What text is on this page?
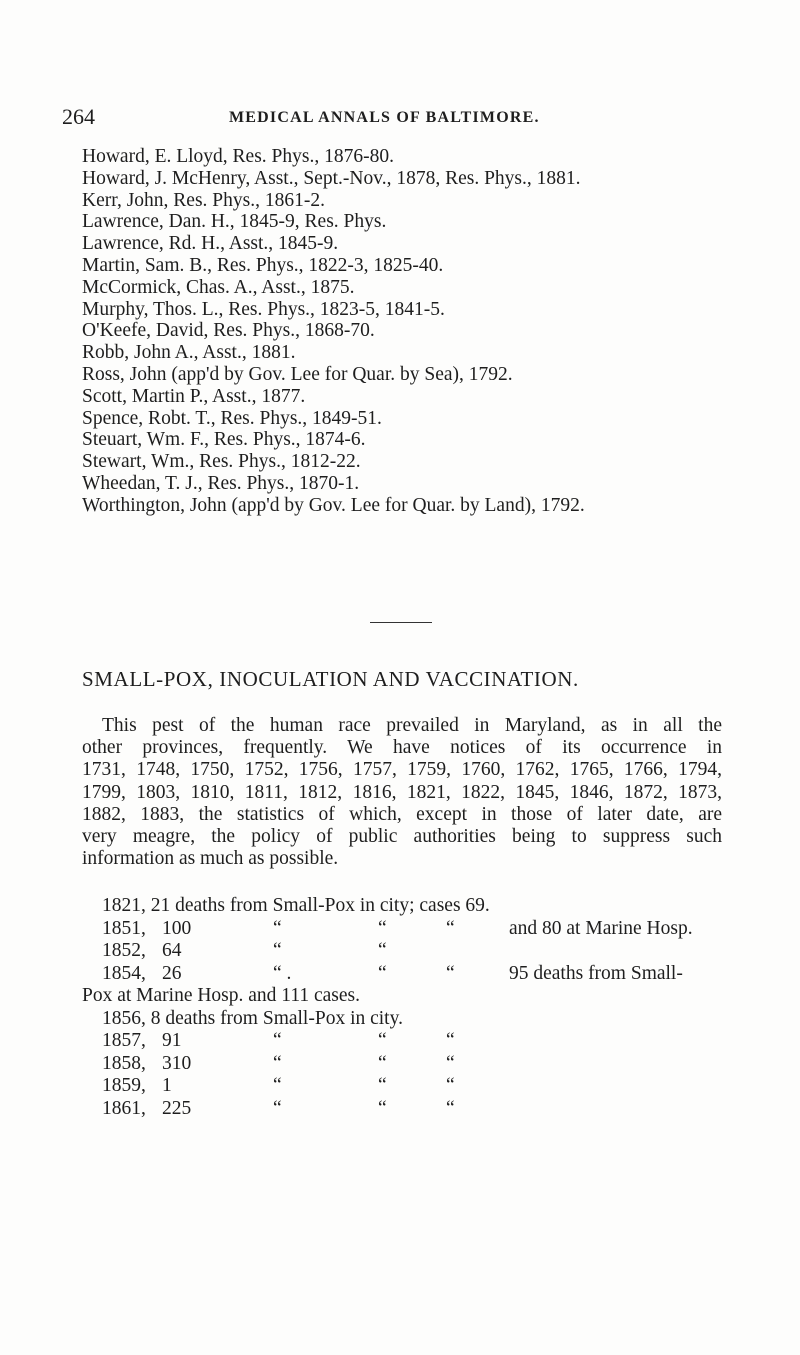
264	MEDICAL ANNALS OF BALTIMORE.
Howard, E. Lloyd, Res. Phys., 1876-80.
Howard, J. McHenry, Asst., Sept.-Nov., 1878, Res. Phys., 1881.
Kerr, John, Res. Phys., 1861-2.
Lawrence, Dan. H., 1845-9, Res. Phys.
Lawrence, Rd. H., Asst., 1845-9.
Martin, Sam. B., Res. Phys., 1822-3, 1825-40.
McCormick, Chas. A., Asst., 1875.
Murphy, Thos. L., Res. Phys., 1823-5, 1841-5.
O'Keefe, David, Res. Phys., 1868-70.
Robb, John A., Asst., 1881.
Ross, John (app'd by Gov. Lee for Quar. by Sea), 1792.
Scott, Martin P., Asst., 1877.
Spence, Robt. T., Res. Phys., 1849-51.
Steuart, Wm. F., Res. Phys., 1874-6.
Stewart, Wm., Res. Phys., 1812-22.
Wheedan, T. J., Res. Phys., 1870-1.
Worthington, John (app'd by Gov. Lee for Quar. by Land), 1792.
SMALL-POX, INOCULATION AND VACCINATION.
This pest of the human race prevailed in Maryland, as in all the
other provinces, frequently. We have notices of its occurrence in
1731, 1748, 1750, 1752, 1756, 1757, 1759, 1760, 1762, 1765, 1766, 1794,
1799, 1803, 1810, 1811, 1812, 1816, 1821, 1822, 1845, 1846, 1872, 1873,
1882, 1883, the statistics of which, except in those of later date, are
very meagre, the policy of public authorities being to suppress such
information as much as possible.
1821, 21 deaths from Small-Pox in city; cases 69.
1851, 100	“	“	“	and 80 at Marine Hosp.
1852, 64	“	“
1854, 26	“ .	“	“	95 deaths from Small-
Pox at Marine Hosp. and 111 cases.
1856, 8 deaths from Small-Pox in city.
1857, 91	“	“	“
1858, 310	“	“	“
1859, 1	“	“	“
1861, 225	“	“	“
